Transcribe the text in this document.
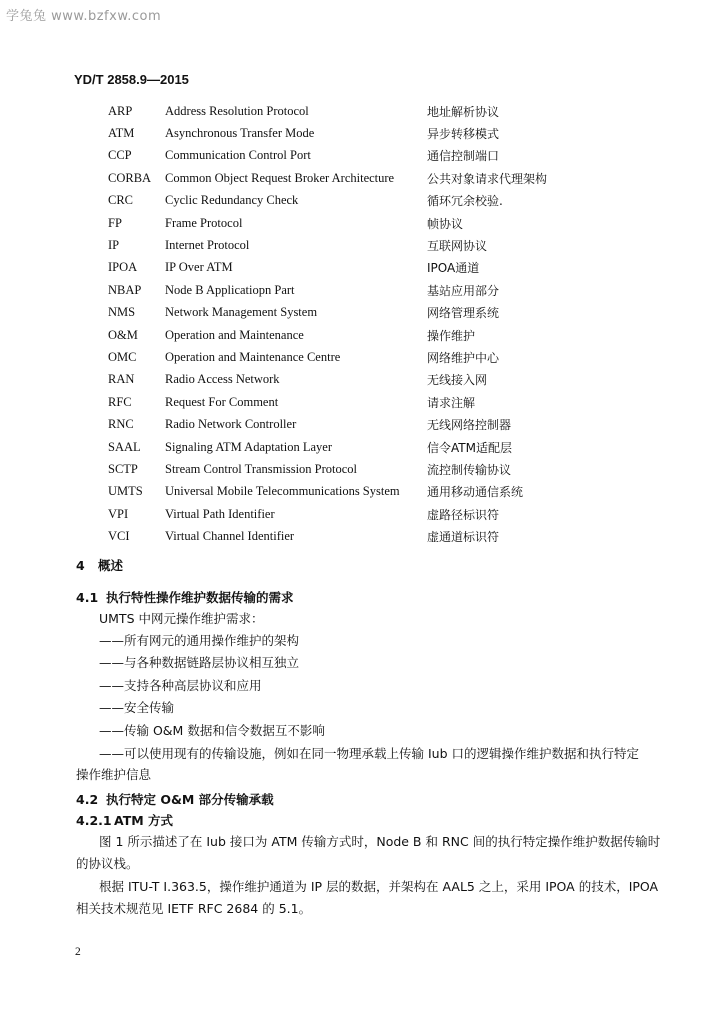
学兔兔 www.bzfxw.com
YD/T 2858.9—2015
ARP	Address Resolution Protocol	地址解析协议
ATM	Asynchronous Transfer Mode	异步转移模式
CCP	Communication Control Port	通信控制端口
CORBA	Common Object Request Broker Architecture	公共对象请求代理架构
CRC	Cyclic Redundancy Check	循环冗余校验.
FP	Frame Protocol	帧协议
IP	Internet Protocol	互联网协议
IPOA	IP Over ATM	IPOA通道
NBAP	Node B Applicatiopn Part	基站应用部分
NMS	Network Management System	网络管理系统
O&M	Operation and Maintenance	操作维护
OMC	Operation and Maintenance Centre	网络维护中心
RAN	Radio Access Network	无线接入网
RFC	Request For Comment	请求注解
RNC	Radio Network Controller	无线网络控制器
SAAL	Signaling ATM Adaptation Layer	信令ATM适配层
SCTP	Stream Control Transmission Protocol	流控制传输协议
UMTS	Universal Mobile Telecommunications System	通用移动通信系统
VPI	Virtual Path Identifier	虚路径标识符
VCI	Virtual Channel Identifier	虚通道标识符
4 概述
4.1 执行特性操作维护数据传输的需求
UMTS 中网元操作维护需求：
——所有网元的通用操作维护的架构
——与各种数据链路层协议相互独立
——支持各种高层协议和应用
——安全传输
——传输 O&M 数据和信令数据互不影响
——可以使用现有的传输设施，例如在同一物理承载上传输 Iub 口的逻辑操作维护数据和执行特定
操作维护信息
4.2 执行特定 O&M 部分传输承载
4.2.1 ATM 方式
图 1 所示描述了在 Iub 接口为 ATM 传输方式时，Node B 和 RNC 间的执行特定操作维护数据传输时
的协议栈。
根据 ITU-T I.363.5，操作维护通道为 IP 层的数据，并架构在 AAL5 之上，采用 IPOA 的技术，IPOA
相关技术规范见 IETF RFC 2684 的 5.1。
2
